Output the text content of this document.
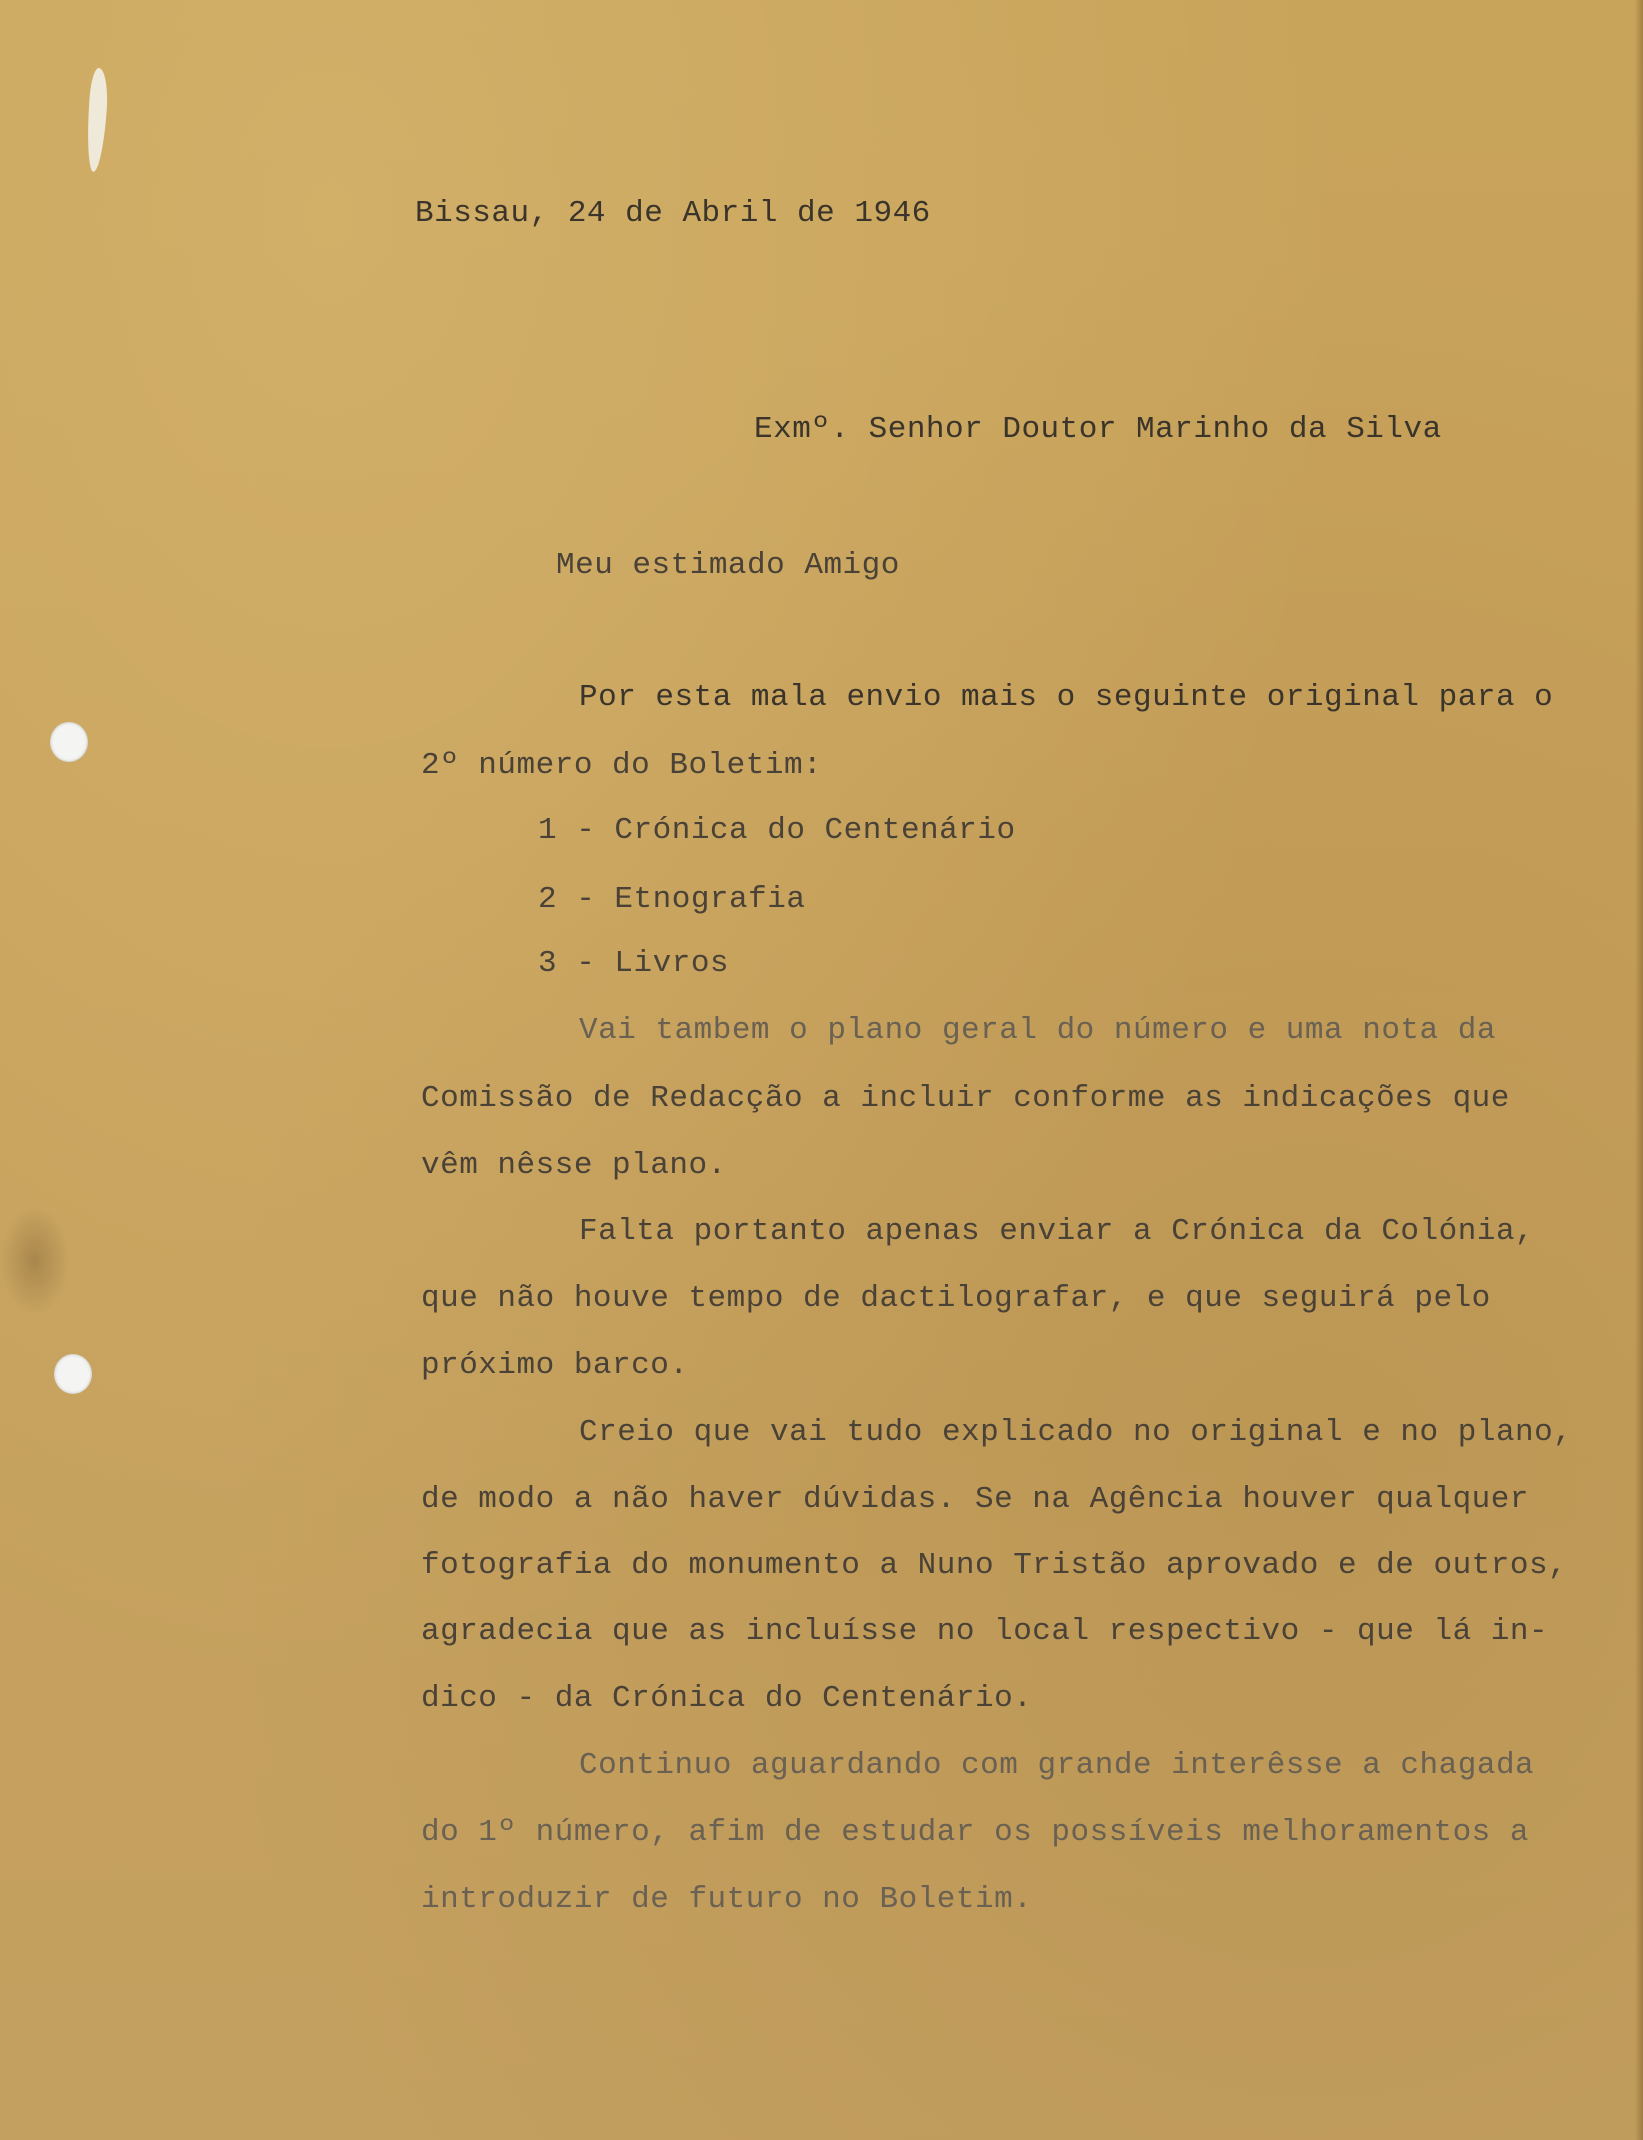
Bissau, 24 de Abril de 1946

Exmº. Senhor Doutor Marinho da Silva

Meu estimado Amigo

Por esta mala envio mais o seguinte original para o

2º número do Boletim:

1 - Crónica do Centenário

2 - Etnografia

3 - Livros

Vai tambem o plano geral do número e uma nota da

Comissão de Redacção a incluir conforme as indicações que

vêm nêsse plano.

Falta portanto apenas enviar a Crónica da Colónia,

que não houve tempo de dactilografar, e que seguirá pelo

próximo barco.

Creio que vai tudo explicado no original e no plano,

de modo a não haver dúvidas. Se na Agência houver qualquer

fotografia do monumento a Nuno Tristão aprovado e de outros,

agradecia que as incluísse no local respectivo - que lá in-

dico - da Crónica do Centenário.

Continuo aguardando com grande interêsse a chagada

do 1º número, afim de estudar os possíveis melhoramentos a

introduzir de futuro no Boletim.
